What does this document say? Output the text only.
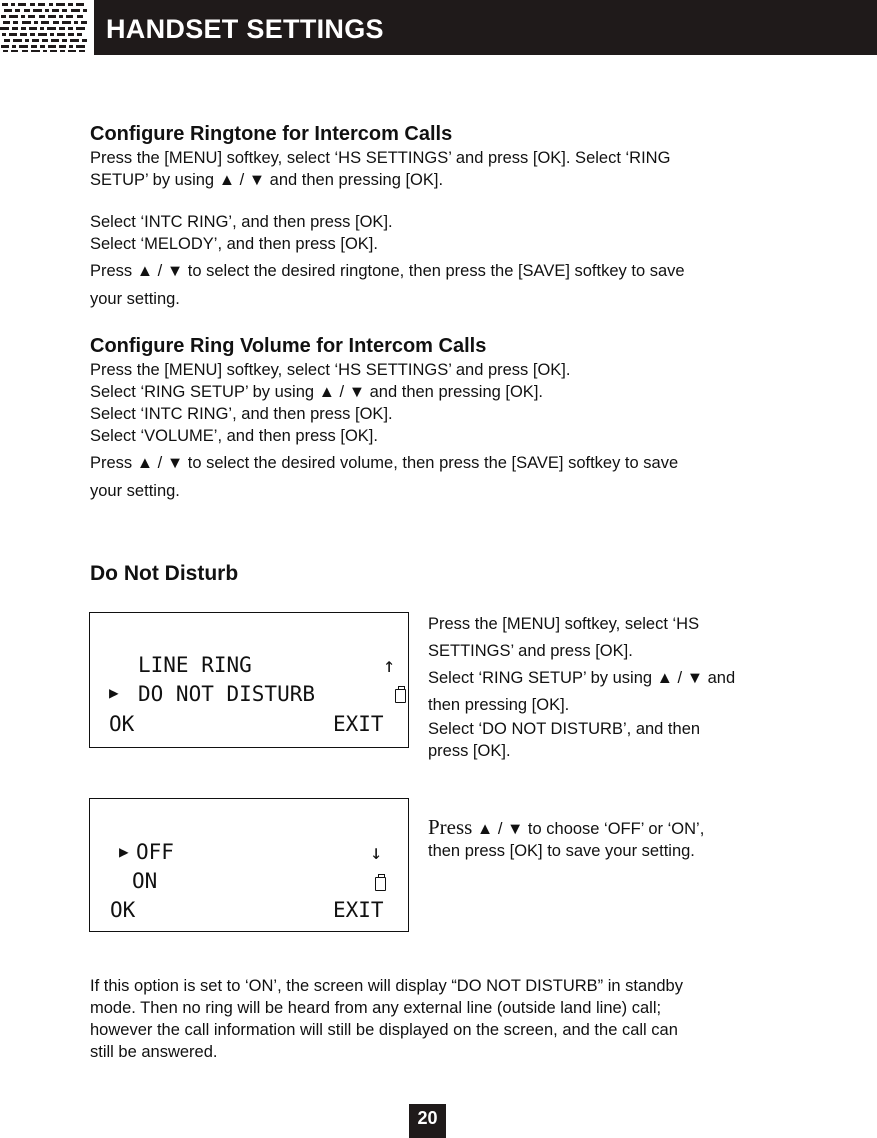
HANDSET SETTINGS
Configure Ringtone for Intercom Calls

Press the [MENU] softkey, select ‘HS SETTINGS’ and press [OK]. Select ‘RING

SETUP’ by using ▲ / ▼ and then pressing [OK].

Select ‘INTC RING’, and then press [OK].

Select ‘MELODY’, and then press [OK].

Press ▲ / ▼ to select the desired ringtone, then press the [SAVE] softkey to save

your setting.

Configure Ring Volume for Intercom Calls

Press the [MENU] softkey, select ‘HS SETTINGS’ and press [OK].

Select ‘RING SETUP’ by using ▲ / ▼ and then pressing [OK].

Select ‘INTC RING’, and then press [OK].

Select ‘VOLUME’, and then press [OK].

Press ▲ / ▼ to select the desired volume, then press the [SAVE] softkey to save

your setting.

Do Not Disturb
LINE RING	↑
▶ DO NOT DISTURB
OK	EXIT

Press the [MENU] softkey, select ‘HS

SETTINGS’ and press [OK].

Select ‘RING SETUP’ by using ▲ / ▼ and

then pressing [OK].

Select ‘DO NOT DISTURB’, and then

press [OK].

▶ OFF	↓
ON
OK	EXIT

Press ▲ / ▼ to choose ‘OFF’ or ‘ON’,

then press [OK] to save your setting.

If this option is set to ‘ON’, the screen will display “DO NOT DISTURB” in standby

mode. Then no ring will be heard from any external line (outside land line) call;

however the call information will still be displayed on the screen, and the call can

still be answered.

20
